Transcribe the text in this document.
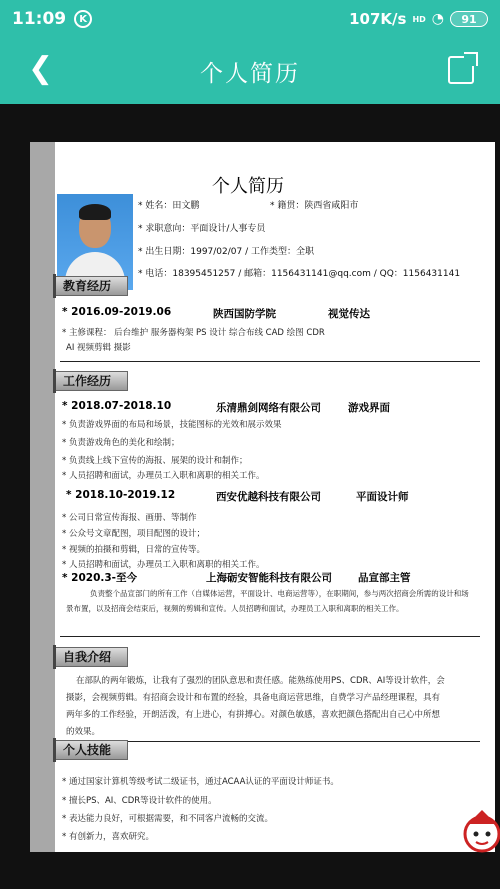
11:09	K	107K/s HD ◔ 91
❮	个人简历
个人简历
* 姓名：田文鹏	* 籍贯：陕西省咸阳市
* 求职意向：平面设计/人事专员
* 出生日期：1997/02/07 / 工作类型：全职
* 电话：18395451257 / 邮箱：1156431141@qq.com / QQ：1156431141
教育经历
* 2016.09-2019.06	陕西国防学院	视觉传达
* 主修课程： 后台维护 服务器构架 PS 设计 综合布线 CAD 绘图 CDR
AI 视频剪辑 摄影
工作经历
* 2018.07-2018.10	乐清鼎剑网络有限公司	游戏界面
* 负责游戏界面的布局和场景，技能图标的光效和展示效果
* 负责游戏角色的美化和绘制；
* 负责线上线下宣传的海报、展架的设计和制作；
* 人员招聘和面试，办理员工入职和离职的相关工作。
* 2018.10-2019.12	西安优越科技有限公司	平面设计师
* 公司日常宣传海报、画册、等制作
* 公众号文章配图，项目配图的设计；
* 视频的拍摄和剪辑，日常的宣传等。
* 人员招聘和面试，办理员工入职和离职的相关工作。
* 2020.3-至今	上海砺安智能科技有限公司 品宣部主管
负责整个品宣部门的所有工作（自媒体运营，平面设计、电商运营等），在职期间，参与两次招商会所需的设计和场
景布置，以及招商会结束后，视频的剪辑和宣传。人员招聘和面试，办理员工入职和离职的相关工作。
自我介绍
在部队的两年锻炼，让我有了强烈的团队意思和责任感。能熟练使用PS、CDR、AI等设计软件，会
摄影，会视频剪辑。有招商会设计和布置的经验，具备电商运营思维，自费学习产品经理课程，具有
两年多的工作经验，开朗活泼，有上进心，有拼搏心。对颜色敏感，喜欢把颜色搭配出自己心中所想
的效果。
个人技能
* 通过国家计算机等级考试二级证书，通过ACAA认证的平面设计师证书。
* 擅长PS、AI、CDR等设计软件的使用。
* 表达能力良好，可根据需要，和不同客户流畅的交流。
* 有创新力，喜欢研究。
